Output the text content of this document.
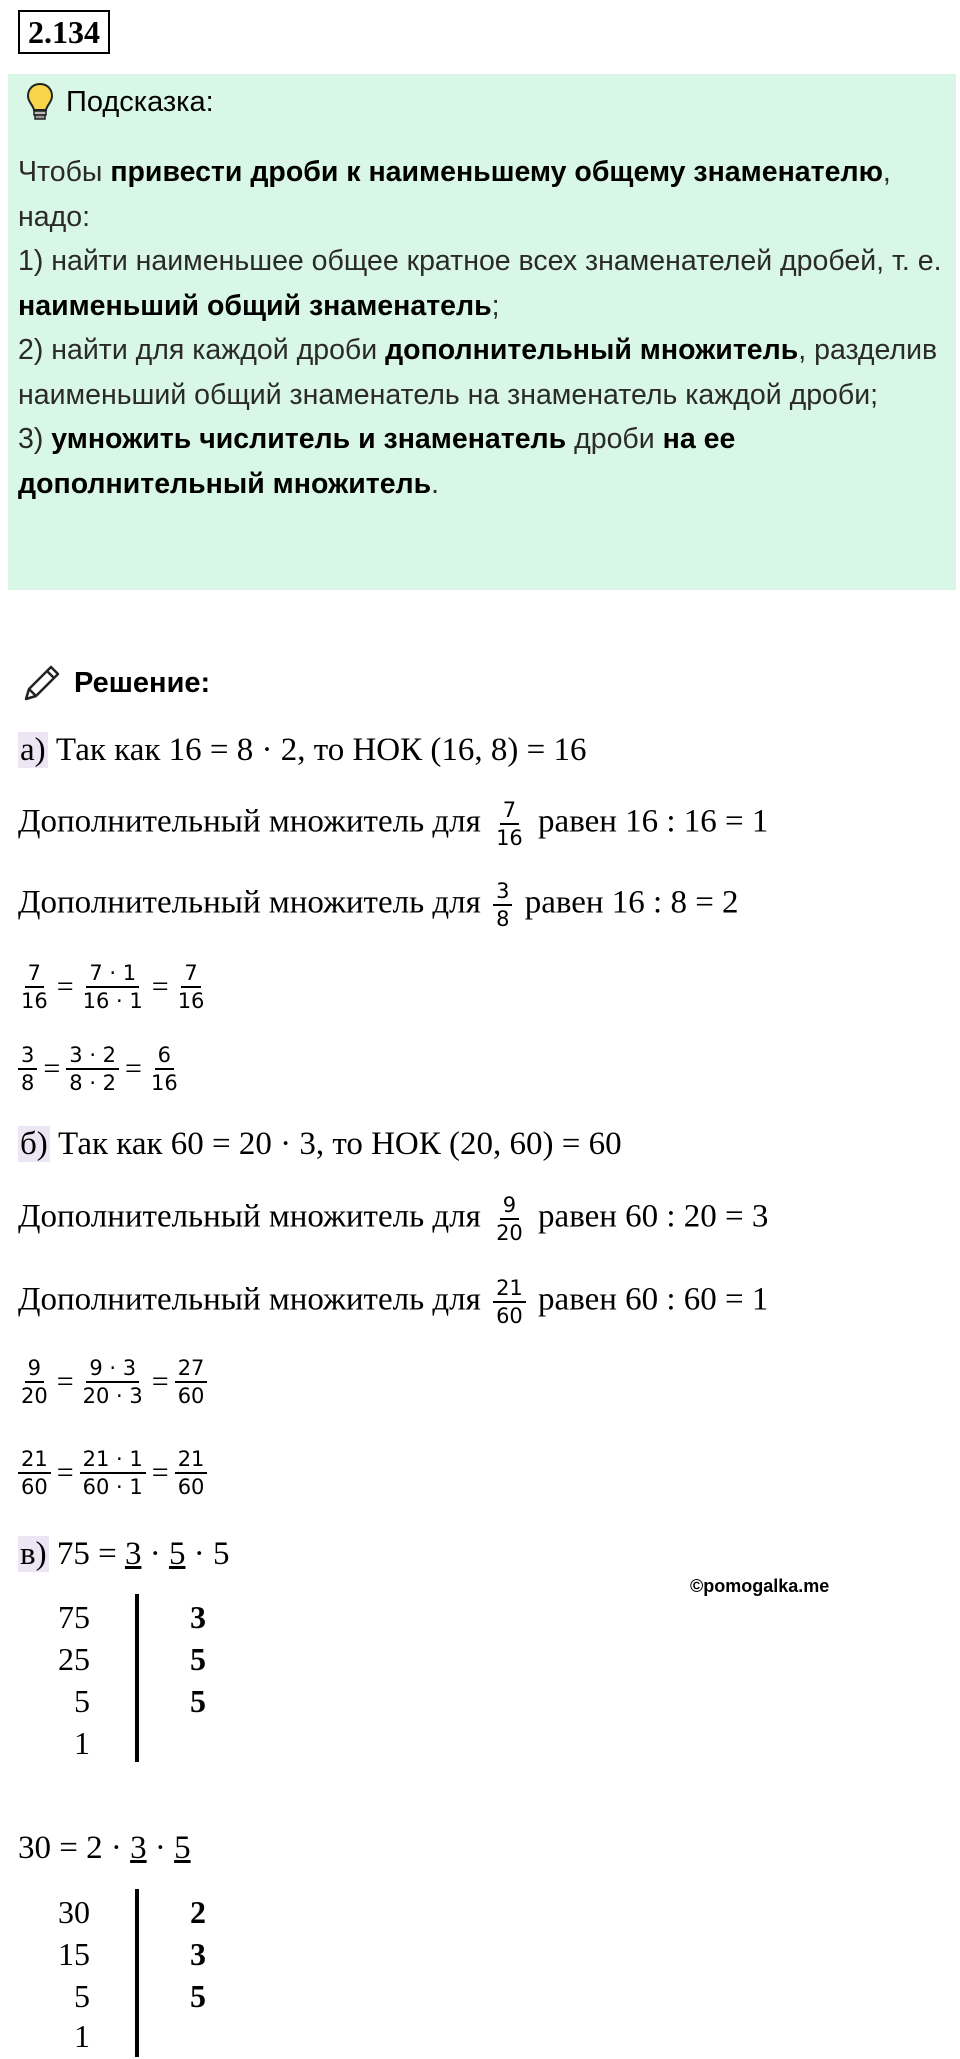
2.134
Подсказка:
Чтобы привести дроби к наименьшему общему знаменателю, надо:
1) найти наименьшее общее кратное всех знаменателей дробей, т. е. наименьший общий знаменатель;
2) найти для каждой дроби дополнительный множитель, разделив наименьший общий знаменатель на знаменатель каждой дроби;
3) умножить числитель и знаменатель дроби на ее дополнительный множитель.
Решение:
а) Так как 16 = 8 · 2, то НОК (16, 8) = 16
Дополнительный множитель для $\frac{7}{16}$ равен 16 : 16 = 1
Дополнительный множитель для $\frac{3}{8}$ равен 16 : 8 = 2
$\frac{7}{16} = \frac{7 \cdot 1}{16 \cdot 1} = \frac{7}{16}$
$\frac{3}{8} = \frac{3 \cdot 2}{8 \cdot 2} = \frac{6}{16}$
б) Так как 60 = 20 · 3, то НОК (20, 60) = 60
Дополнительный множитель для $\frac{9}{20}$ равен 60 : 20 = 3
Дополнительный множитель для $\frac{21}{60}$ равен 60 : 60 = 1
$\frac{9}{20} = \frac{9 \cdot 3}{20 \cdot 3} = \frac{27}{60}$
$\frac{21}{60} = \frac{21 \cdot 1}{60 \cdot 1} = \frac{21}{60}$
в) 75 = 3 · 5 · 5
©pomogalka.me
75
25
5
1
3
5
5
30 = 2 · 3 · 5
30
15
5
1
2
3
5
